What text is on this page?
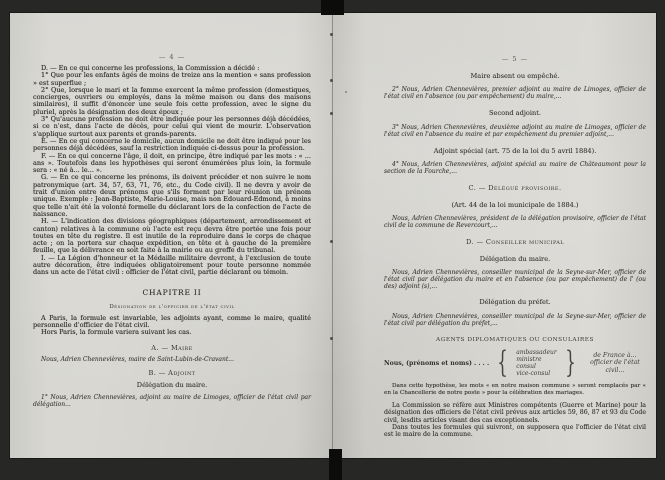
— 4 —

D. — En ce qui concerne les professions, la Commission a décidé :

1° Que pour les enfants âgés de moins de treize ans la mention « sans profession » est superflue ;

2° Que, lorsque le mari et la femme exercent la même profession (domestiques, concierges, ouvriers ou employés, dans la même maison ou dans des maisons similaires), il suffit d'énoncer une seule fois cette profession, avec le signe du pluriel, après la désignation des deux époux ;

3° Qu'aucune profession ne doit être indiquée pour les personnes déjà décédées, si ce n'est, dans l'acte de décès, pour celui qui vient de mourir. L'observation s'applique surtout aux parents et grands-parents.

E. — En ce qui concerne le domicile, aucun domicile ne doit être indiqué pour les personnes déjà décédées, sauf la restriction indiquée ci-dessus pour la profession.

F. — En ce qui concerne l'âge, il doit, en principe, être indiqué par les mots : « ... ans ». Toutefois dans les hypothèses qui seront énumérées plus loin, la formule sera : « né à... le... ».

G. — En ce qui concerne les prénoms, ils doivent précéder et non suivre le nom patronymique (art. 34, 57, 63, 71, 76, etc., du Code civil). Il ne devra y avoir de trait d'union entre deux prénoms que s'ils forment par leur réunion un prénom unique. Exemple : Jean-Baptiste, Marie-Louise, mais non Edouard-Edmond, à moins que telle n'ait été la volonté formelle du déclarant lors de la confection de l'acte de naissance.

H. — L'indication des divisions géographiques (département, arrondissement et canton) relatives à la commune où l'acte est reçu devra être portée une fois pour toutes en tête du registre. Il est inutile de la reproduire dans le corps de chaque acte ; on la portera sur chaque expédition, en tête et à gauche de la première feuille, que la délivrance en soit faite à la mairie ou au greffe du tribunal.

I. — La Légion d'honneur et la Médaille militaire devront, à l'exclusion de toute autre décoration, être indiquées obligatoirement pour toute personne nommée dans un acte de l'état civil : officier de l'état civil, partie déclarant ou témoin.

CHAPITRE II
Désignation de l'officier de l'état civil

A Paris, la formule est invariable, les adjoints ayant, comme le maire, qualité personnelle d'officier de l'état civil.

Hors Paris, la formule variera suivant les cas.

A. — Maire

Nous, Adrien Chennevières, maire de Saint-Lubin-de-Cravant...

B. — Adjoint

Délégation du maire.

1° Nous, Adrien Chennevières, adjoint au maire de Limoges, officier de l'état civil par délégation...

— 5 —

Maire absent ou empêché.

2° Nous, Adrien Chennevières, premier adjoint au maire de Limoges, officier de l'état civil en l'absence (ou par empêchement) du maire,...

Second adjoint.

3° Nous, Adrien Chennevières, deuxième adjoint au maire de Limoges, officier de l'état civil en l'absence du maire et par empêchement du premier adjoint,...

Adjoint spécial (art. 75 de la loi du 5 avril 1884).

4° Nous, Adrien Chennevières, adjoint spécial au maire de Châteaumont pour la section de la Fourche,...

C. — Délégué provisoire.

(Art. 44 de la loi municipale de 1884.)

Nous, Adrien Chennevières, président de la délégation provisoire, officier de l'état civil de la commune de Revercourt,...

D. — Conseiller municipal

Délégation du maire.

Nous, Adrien Chennevières, conseiller municipal de la Seyne-sur-Mer, officier de l'état civil par délégation du maire et en l'absence (ou par empêchement) de l' (ou des) adjoint (s),...

Délégation du préfet.

Nous, Adrien Chennevières, conseiller municipal de la Seyne-sur-Mer, officier de l'état civil par délégation du préfet,...

AGENTS DIPLOMATIQUES OU CONSULAIRES
Nous, (prénoms et noms) . . . . { ambassadeur
ministre
consul
vice-consul }	de France à... officier de l'état civil...

Dans cette hypothèse, les mots « en notre maison commune » seront remplacés par « en la Chancellerie de notre poste » pour la célébration des mariages.

La Commission se réfère aux Ministres compétents (Guerre et Marine) pour la désignation des officiers de l'état civil prévus aux articles 59, 86, 87 et 93 du Code civil, lesdits articles visant des cas exceptionnels.

Dans toutes les formules qui suivront, on supposera que l'officier de l'état civil est le maire de la commune.
